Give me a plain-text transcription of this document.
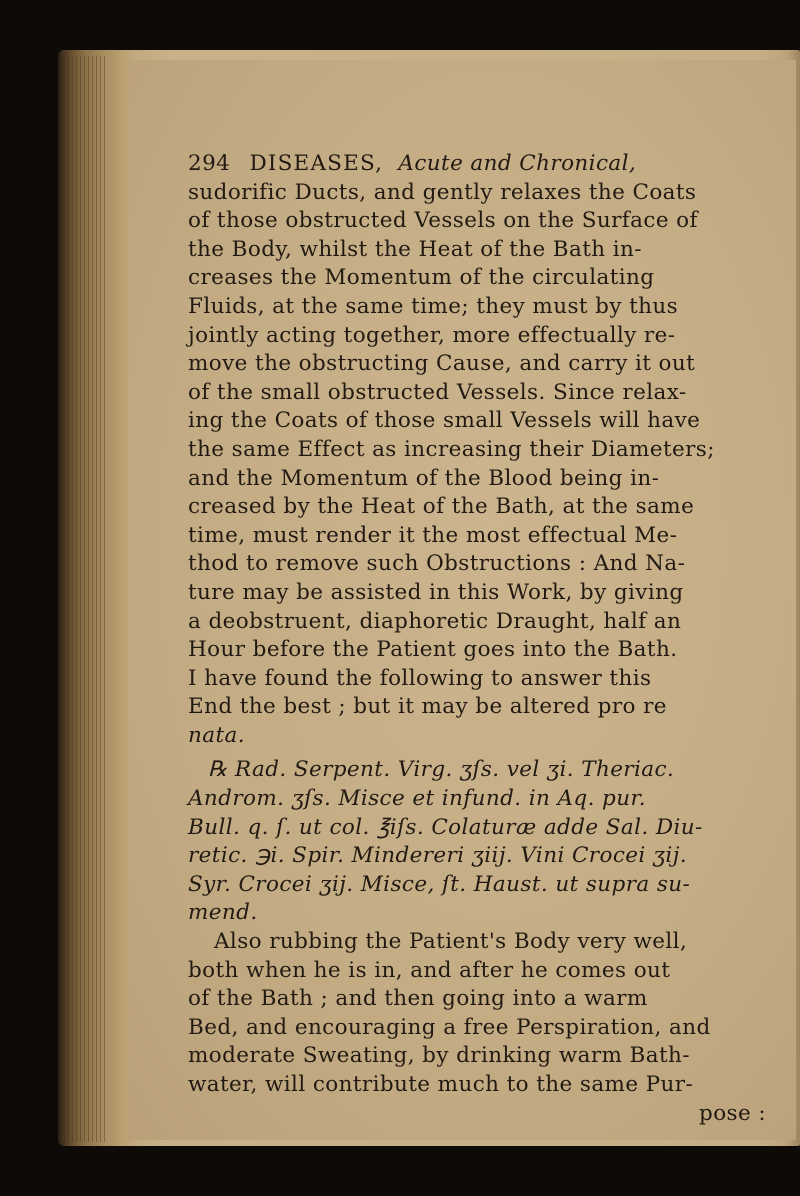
294 DISEASES, Acute and Chronical,
sudorific Ducts, and gently relaxes the Coats
of those obstructed Vessels on the Surface of
the Body, whilst the Heat of the Bath in-
creases the Momentum of the circulating
Fluids, at the same time; they must by thus
jointly acting together, more effectually re-
move the obstructing Cause, and carry it out
of the small obstructed Vessels. Since relax-
ing the Coats of those small Vessels will have
the same Effect as increasing their Diameters;
and the Momentum of the Blood being in-
creased by the Heat of the Bath, at the same
time, must render it the most effectual Me-
thod to remove such Obstructions : And Na-
ture may be assisted in this Work, by giving
a deobstruent, diaphoretic Draught, half an
Hour before the Patient goes into the Bath.
I have found the following to answer this
End the best ; but it may be altered pro re
nata.
℞ Rad. Serpent. Virg. ʒſs. vel ʒi. Theriac.
Androm. ʒſs. Misce et infund. in Aq. pur.
Bull. q. ſ. ut col. ℥iſs. Colaturæ adde Sal. Diu-
retic. ℈i. Spir. Mindereri ʒiij. Vini Crocei ʒij.
Syr. Crocei ʒij. Misce, ſt. Haust. ut supra su-
mend.
Also rubbing the Patient's Body very well,
both when he is in, and after he comes out
of the Bath ; and then going into a warm
Bed, and encouraging a free Perspiration, and
moderate Sweating, by drinking warm Bath-
water, will contribute much to the same Pur-
pose :
